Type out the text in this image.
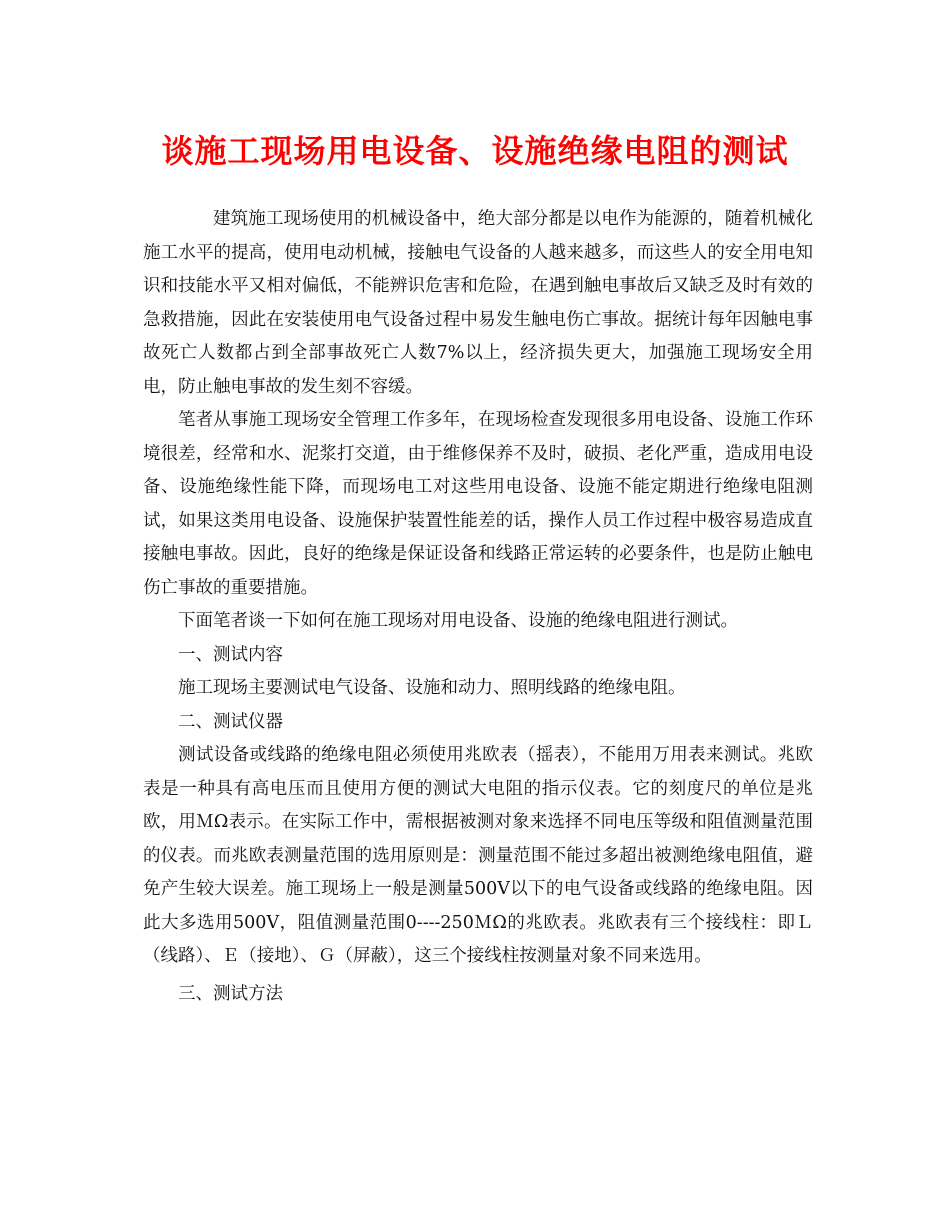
谈施工现场用电设备、设施绝缘电阻的测试

建筑施工现场使用的机械设备中，绝大部分都是以电作为能源的，随着机械化施工水平的提高，使用电动机械，接触电气设备的人越来越多，而这些人的安全用电知识和技能水平又相对偏低，不能辨识危害和危险，在遇到触电事故后又缺乏及时有效的急救措施，因此在安装使用电气设备过程中易发生触电伤亡事故。据统计每年因触电事故死亡人数都占到全部事故死亡人数7%以上，经济损失更大，加强施工现场安全用电，防止触电事故的发生刻不容缓。

笔者从事施工现场安全管理工作多年，在现场检查发现很多用电设备、设施工作环境很差，经常和水、泥浆打交道，由于维修保养不及时，破损、老化严重，造成用电设备、设施绝缘性能下降，而现场电工对这些用电设备、设施不能定期进行绝缘电阻测试，如果这类用电设备、设施保护装置性能差的话，操作人员工作过程中极容易造成直接触电事故。因此，良好的绝缘是保证设备和线路正常运转的必要条件，也是防止触电伤亡事故的重要措施。

下面笔者谈一下如何在施工现场对用电设备、设施的绝缘电阻进行测试。

一、测试内容

施工现场主要测试电气设备、设施和动力、照明线路的绝缘电阻。

二、测试仪器

测试设备或线路的绝缘电阻必须使用兆欧表（摇表），不能用万用表来测试。兆欧表是一种具有高电压而且使用方便的测试大电阻的指示仪表。它的刻度尺的单位是兆欧，用ＭΩ表示。在实际工作中，需根据被测对象来选择不同电压等级和阻值测量范围的仪表。而兆欧表测量范围的选用原则是：测量范围不能过多超出被测绝缘电阻值，避免产生较大误差。施工现场上一般是测量500V以下的电气设备或线路的绝缘电阻。因此大多选用500V，阻值测量范围0----250ＭΩ的兆欧表。兆欧表有三个接线柱：即Ｌ（线路）、Ｅ（接地）、Ｇ（屏蔽），这三个接线柱按测量对象不同来选用。

三、测试方法
